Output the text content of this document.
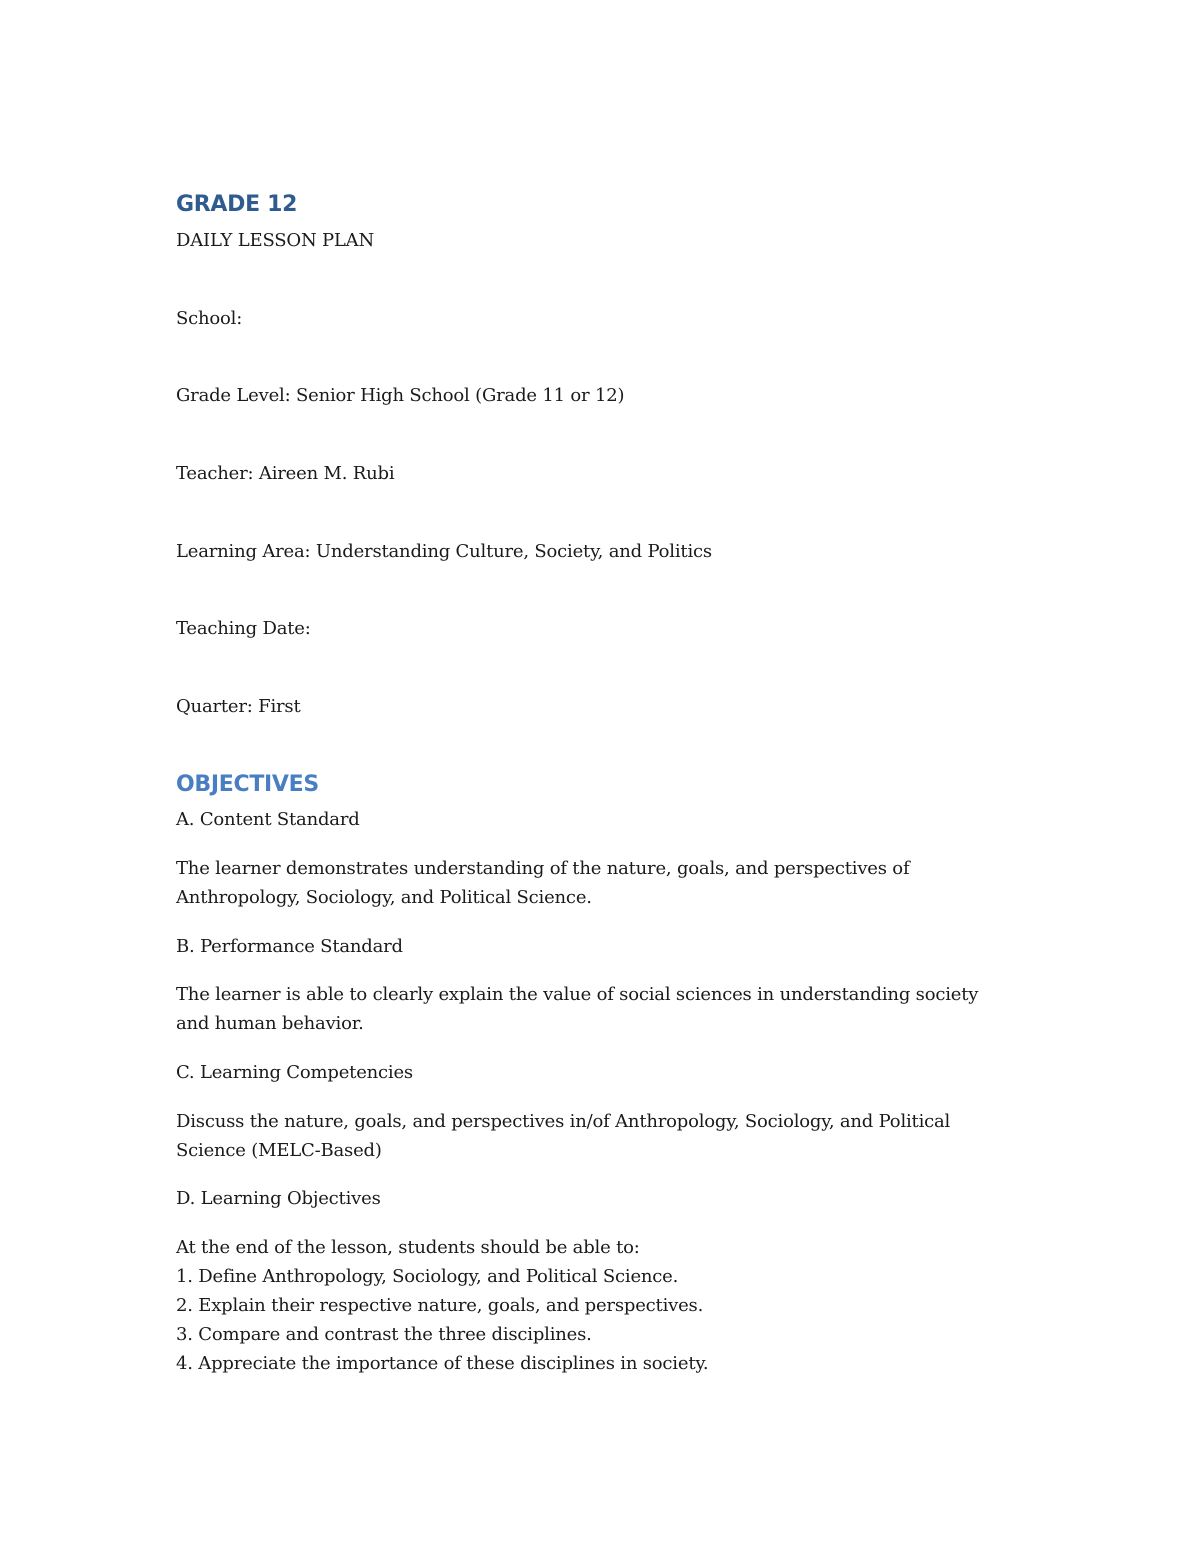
GRADE 12

DAILY LESSON PLAN

School:

Grade Level: Senior High School (Grade 11 or 12)

Teacher: Aireen M. Rubi

Learning Area: Understanding Culture, Society, and Politics

Teaching Date:

Quarter: First

OBJECTIVES

A. Content Standard

The learner demonstrates understanding of the nature, goals, and perspectives of Anthropology, Sociology, and Political Science.

B. Performance Standard

The learner is able to clearly explain the value of social sciences in understanding society and human behavior.

C. Learning Competencies

Discuss the nature, goals, and perspectives in/of Anthropology, Sociology, and Political Science (MELC-Based)

D. Learning Objectives

At the end of the lesson, students should be able to:

1. Define Anthropology, Sociology, and Political Science.
2. Explain their respective nature, goals, and perspectives.
3. Compare and contrast the three disciplines.
4. Appreciate the importance of these disciplines in society.
